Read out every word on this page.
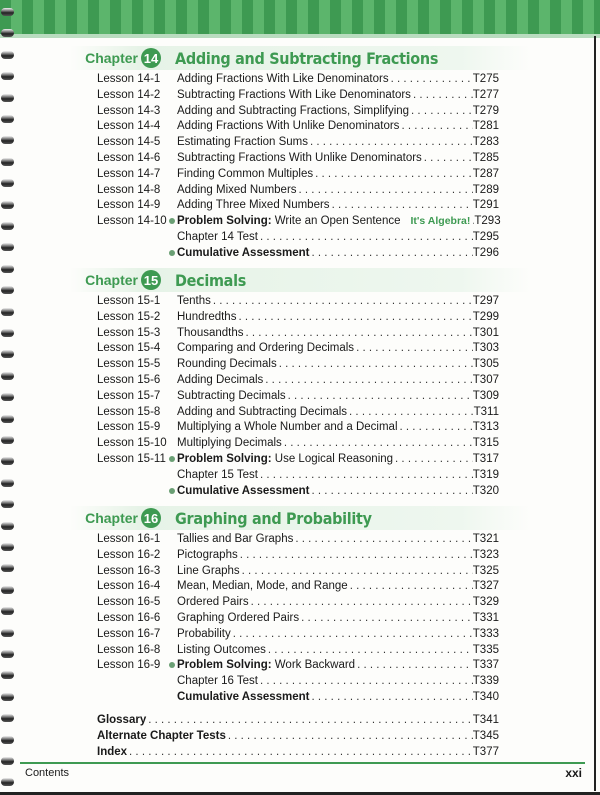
Chapter 14 Adding and Subtracting Fractions
Lesson 14-1	Adding Fractions With Like Denominators . . .	T275
Lesson 14-2	Subtracting Fractions With Like Denominators . . .	T277
Lesson 14-3	Adding and Subtracting Fractions, Simplifying . . .	T279
Lesson 14-4	Adding Fractions With Unlike Denominators . . .	T281
Lesson 14-5	Estimating Fraction Sums . . .	T283
Lesson 14-6	Subtracting Fractions With Unlike Denominators . . .	T285
Lesson 14-7	Finding Common Multiples . . .	T287
Lesson 14-8	Adding Mixed Numbers . . .	T289
Lesson 14-9	Adding Three Mixed Numbers . . .	T291
Lesson 14-10 Problem Solving: Write an Open Sentence It's Algebra! . . . T293
Chapter 14 Test . . .	T295
Cumulative Assessment . . .	T296
Chapter 15 Decimals
Lesson 15-1	Tenths . . .	T297
Lesson 15-2	Hundredths . . .	T299
Lesson 15-3	Thousandths . . .	T301
Lesson 15-4	Comparing and Ordering Decimals . . .	T303
Lesson 15-5	Rounding Decimals . . .	T305
Lesson 15-6	Adding Decimals . . .	T307
Lesson 15-7	Subtracting Decimals . . .	T309
Lesson 15-8	Adding and Subtracting Decimals . . .	T311
Lesson 15-9	Multiplying a Whole Number and a Decimal . . .	T313
Lesson 15-10 Multiplying Decimals . . .	T315
Lesson 15-11 Problem Solving: Use Logical Reasoning . . .	T317
Chapter 15 Test . . .	T319
Cumulative Assessment . . .	T320
Chapter 16 Graphing and Probability
Lesson 16-1	Tallies and Bar Graphs . . .	T321
Lesson 16-2	Pictographs . . .	T323
Lesson 16-3	Line Graphs . . .	T325
Lesson 16-4	Mean, Median, Mode, and Range . . .	T327
Lesson 16-5	Ordered Pairs . . .	T329
Lesson 16-6	Graphing Ordered Pairs . . .	T331
Lesson 16-7	Probability . . .	T333
Lesson 16-8	Listing Outcomes . . .	T335
Lesson 16-9	Problem Solving: Work Backward . . .	T337
Chapter 16 Test . . .	T339
Cumulative Assessment . . .	T340
Glossary . . .	T341
Alternate Chapter Tests . . .	T345
Index . . .	T377
Contents	xxi
